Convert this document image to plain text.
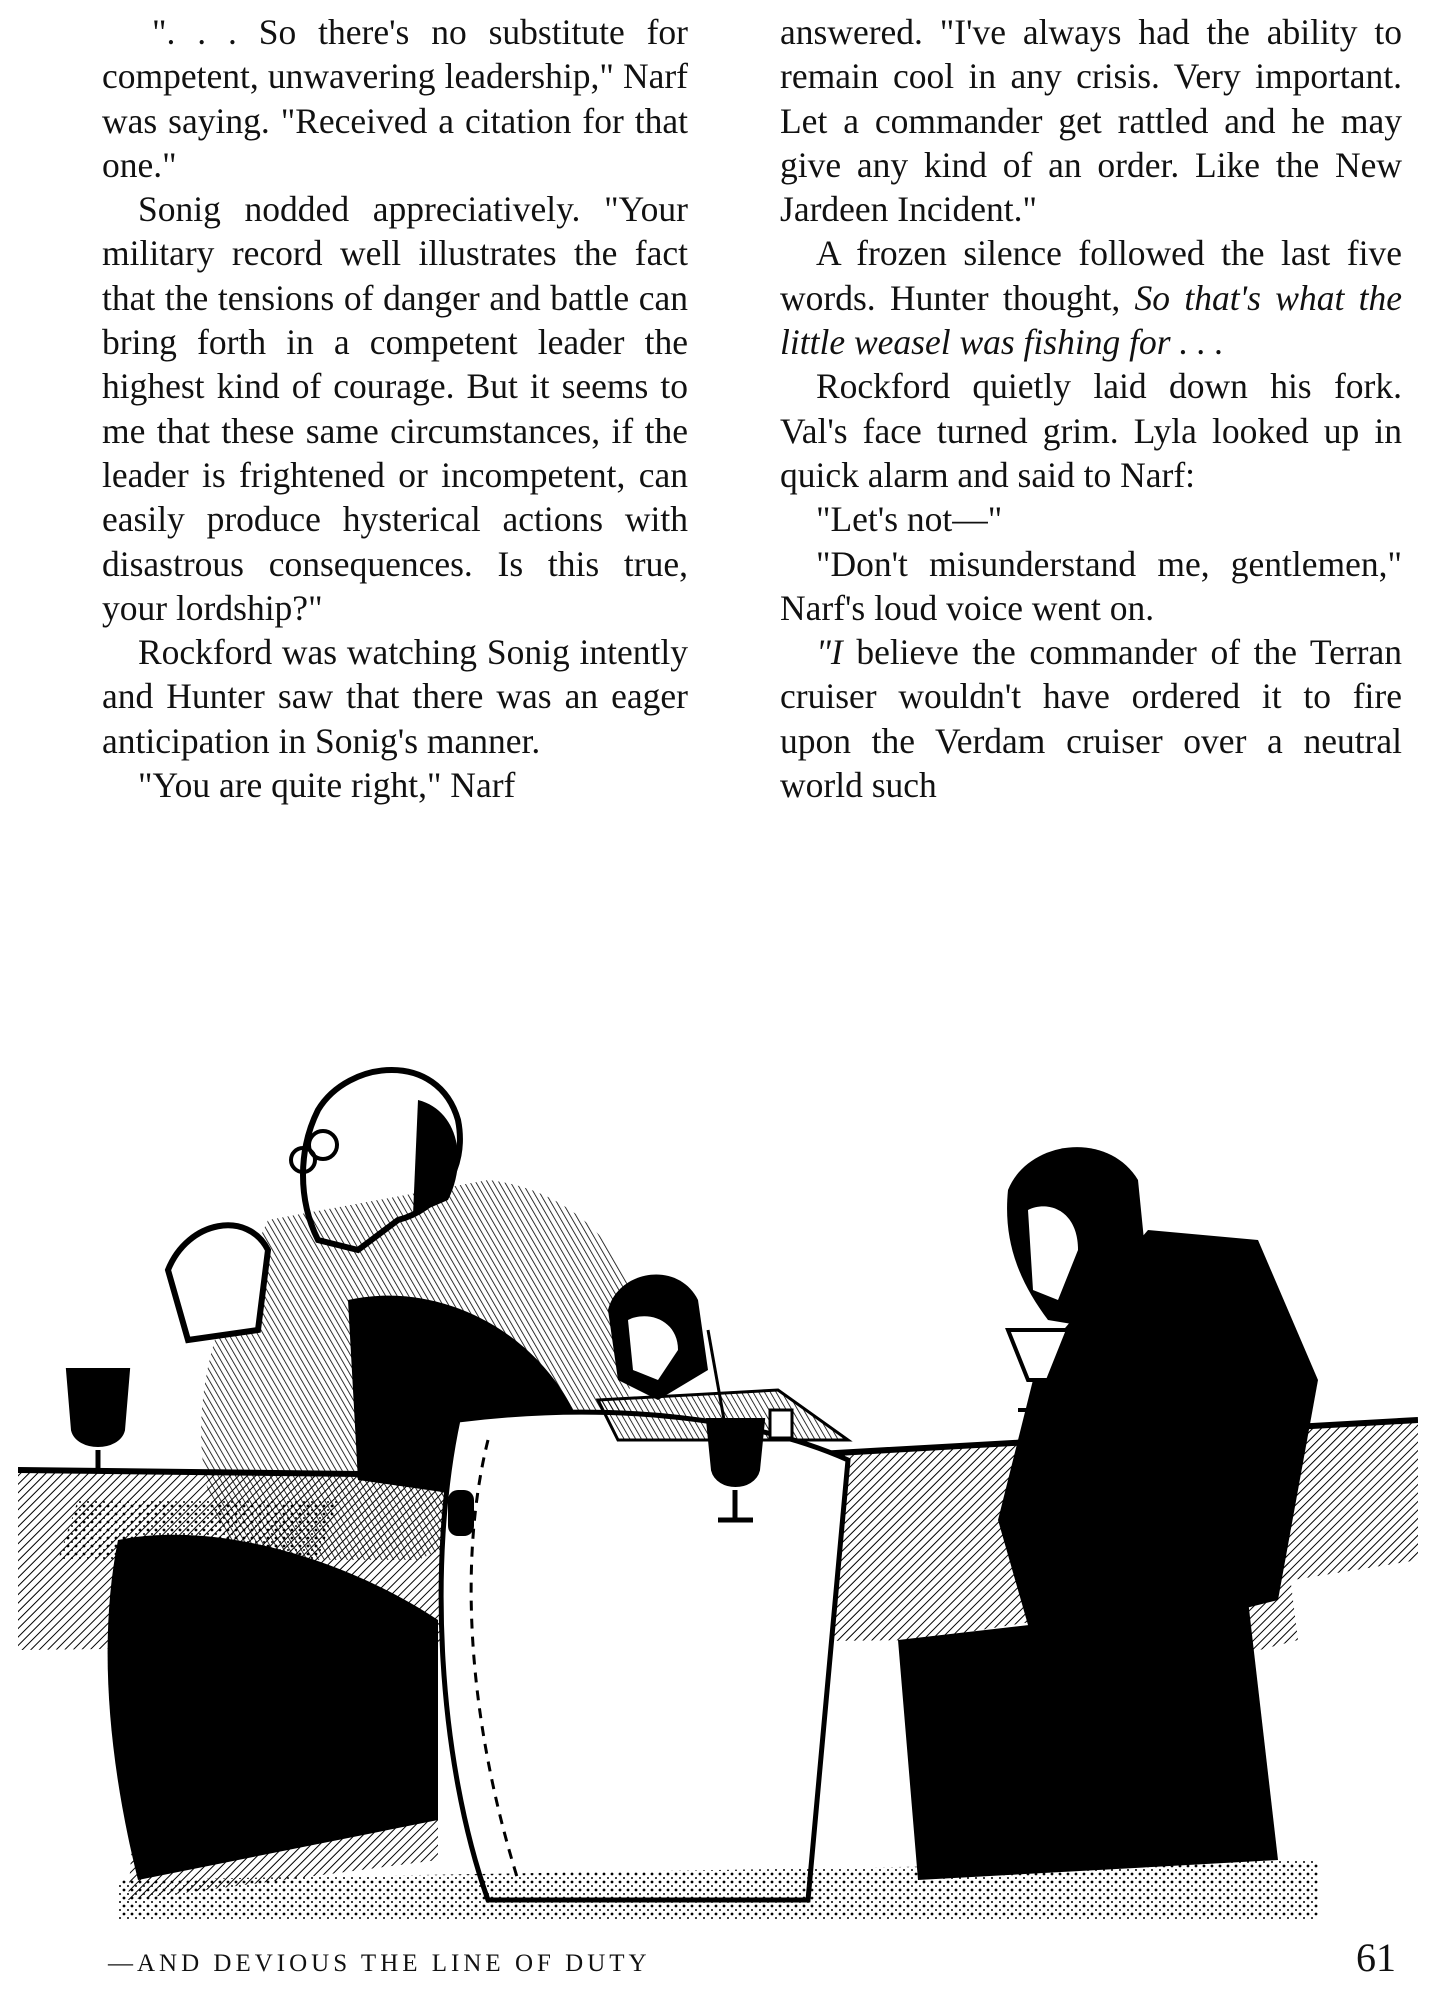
". . . So there's no substitute for competent, unwavering leadership," Narf was saying. "Received a citation for that one."

Sonig nodded appreciatively. "Your military record well illustrates the fact that the tensions of danger and battle can bring forth in a competent leader the highest kind of courage. But it seems to me that these same circumstances, if the leader is frightened or incompetent, can easily produce hysterical actions with disastrous consequences. Is this true, your lordship?"

Rockford was watching Sonig intently and Hunter saw that there was an eager anticipation in Sonig's manner.

"You are quite right," Narf

answered. "I've always had the ability to remain cool in any crisis. Very important. Let a commander get rattled and he may give any kind of an order. Like the New Jardeen Incident."

A frozen silence followed the last five words. Hunter thought, So that's what the little weasel was fishing for . . .

Rockford quietly laid down his fork. Val's face turned grim. Lyla looked up in quick alarm and said to Narf:

"Let's not—"

"Don't misunderstand me, gentlemen," Narf's loud voice went on.

"I believe the commander of the Terran cruiser wouldn't have ordered it to fire upon the Verdam cruiser over a neutral world such

—AND DEVIOUS THE LINE OF DUTY	61
